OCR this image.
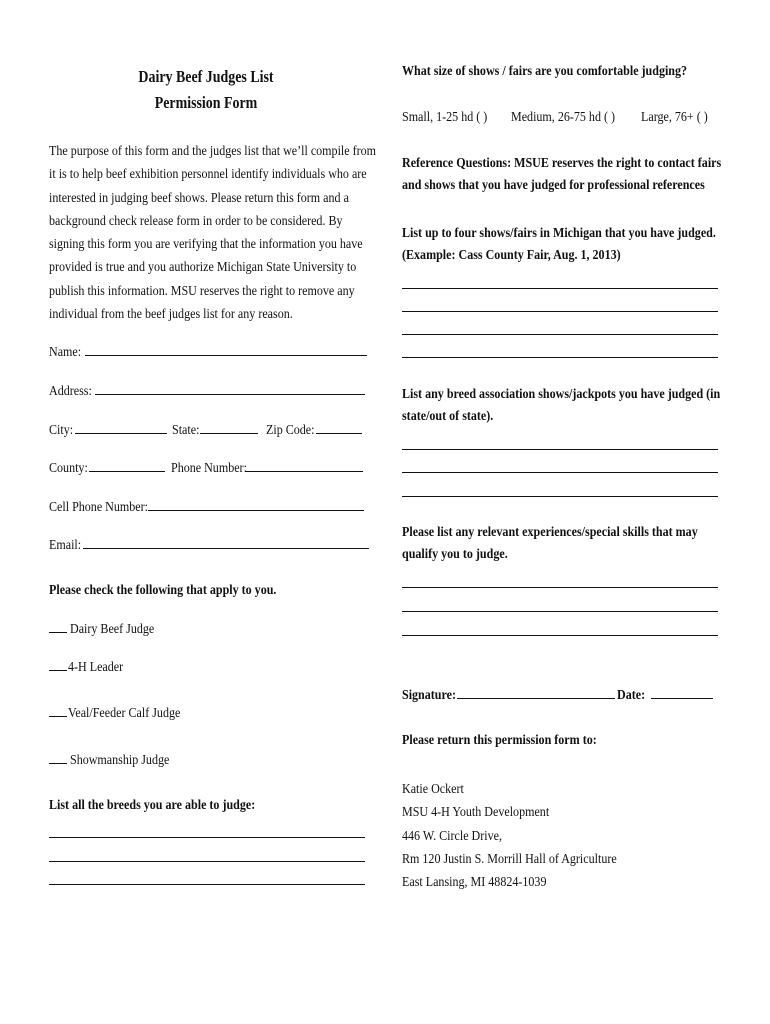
Dairy Beef Judges List
Permission Form
The purpose of this form and the judges list that we’ll compile from
it is to help beef exhibition personnel identify individuals who are
interested in judging beef shows. Please return this form and a
background check release form in order to be considered. By
signing this form you are verifying that the information you have
provided is true and you authorize Michigan State University to
publish this information. MSU reserves the right to remove any
individual from the beef judges list for any reason.
Name:
Address:
City:	State:	Zip Code:
County:	Phone Number:
Cell Phone Number:
Email:
Please check the following that apply to you.
Dairy Beef Judge
4-H Leader
Veal/Feeder Calf Judge
Showmanship Judge
List all the breeds you are able to judge:
What size of shows / fairs are you comfortable judging?
Small, 1-25 hd ( ) Medium, 26-75 hd ( ) Large, 76+ ( )
Reference Questions: MSUE reserves the right to contact fairs
and shows that you have judged for professional references
List up to four shows/fairs in Michigan that you have judged.
(Example: Cass County Fair, Aug. 1, 2013)
List any breed association shows/jackpots you have judged (in
state/out of state).
Please list any relevant experiences/special skills that may
qualify you to judge.
Signature:	Date:
Please return this permission form to:
Katie Ockert
MSU 4-H Youth Development
446 W. Circle Drive,
Rm 120 Justin S. Morrill Hall of Agriculture
East Lansing, MI 48824-1039
